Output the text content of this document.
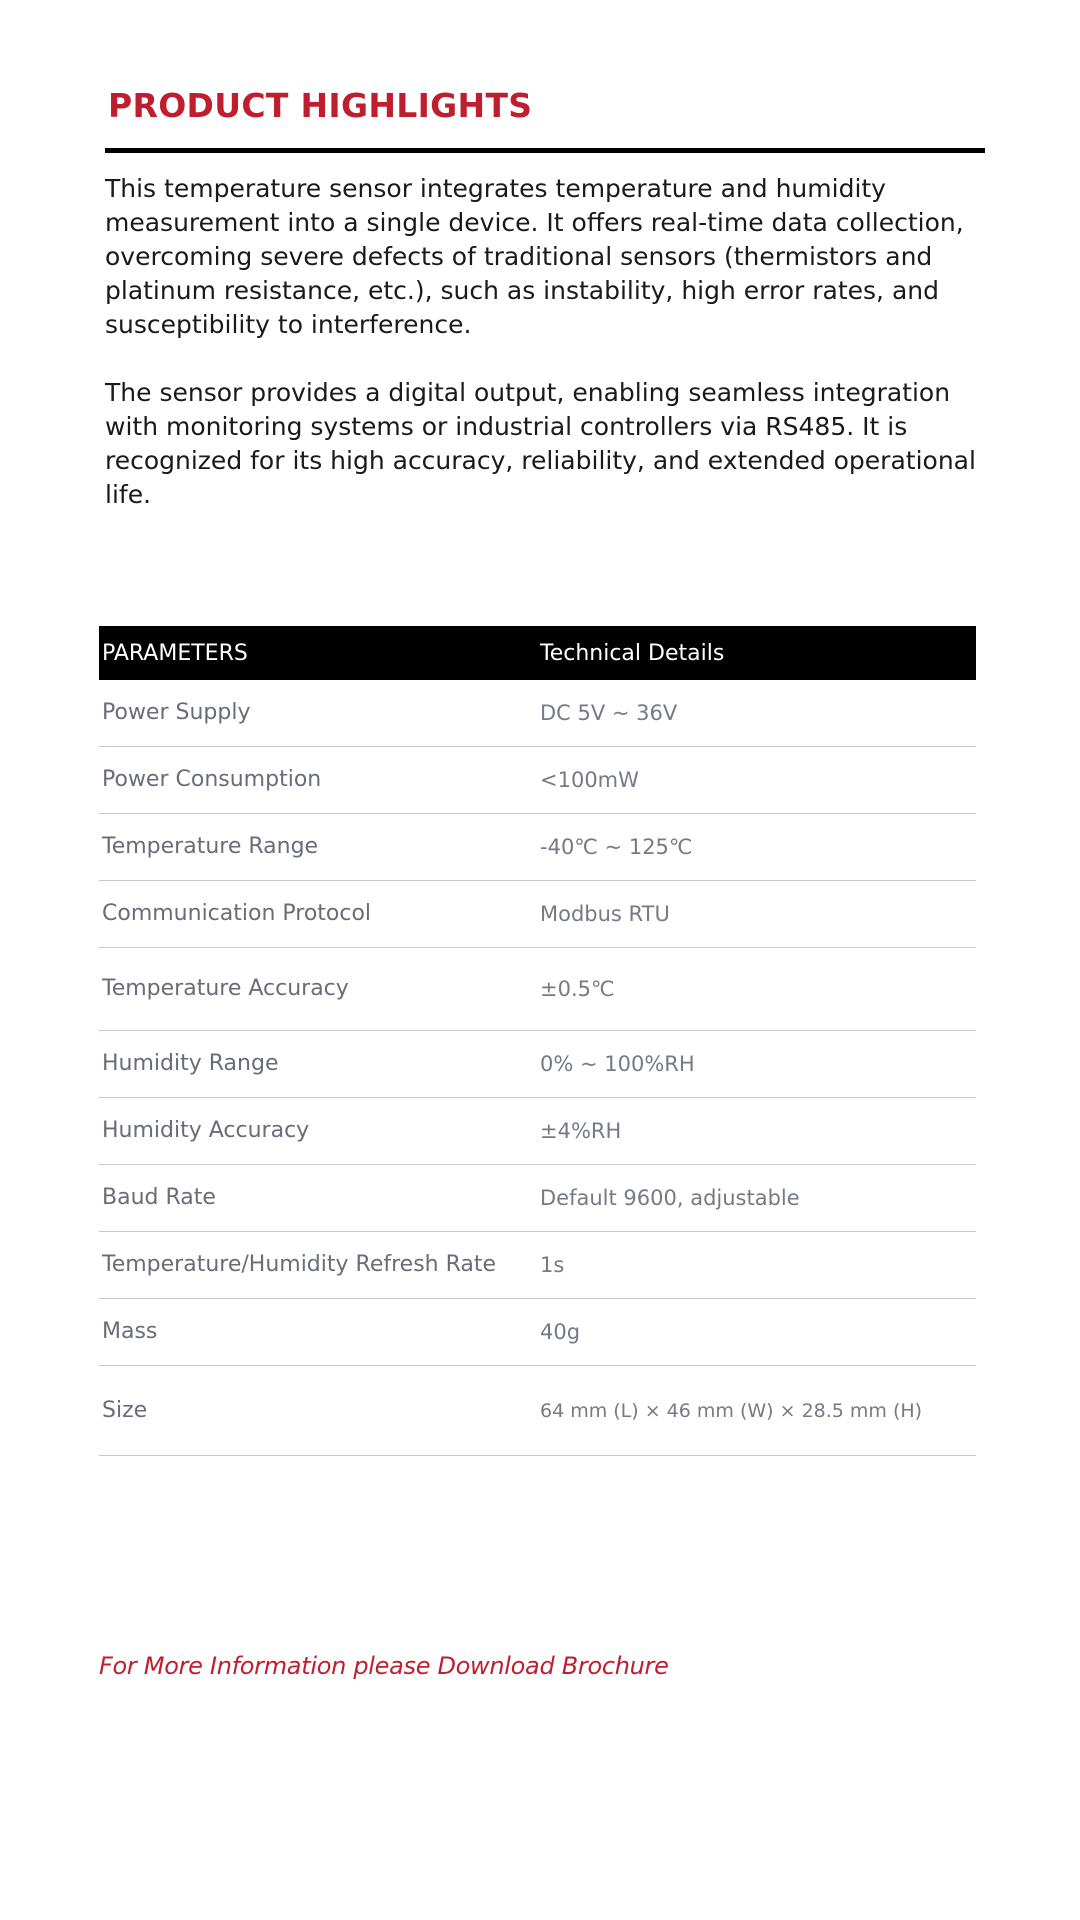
PRODUCT HIGHLIGHTS

This temperature sensor integrates temperature and humidity measurement into a single device. It offers real-time data collection, overcoming severe defects of traditional sensors (thermistors and platinum resistance, etc.), such as instability, high error rates, and susceptibility to interference.

The sensor provides a digital output, enabling seamless integration with monitoring systems or industrial controllers via RS485. It is recognized for its high accuracy, reliability, and extended operational life.

PARAMETERS	Technical Details
Power Supply	DC 5V ~ 36V
Power Consumption	<100mW
Temperature Range	-40℃ ~ 125℃
Communication Protocol	Modbus RTU
Temperature Accuracy	±0.5℃
Humidity Range	0% ~ 100%RH
Humidity Accuracy	±4%RH
Baud Rate	Default 9600, adjustable
Temperature/Humidity Refresh Rate	1s
Mass	40g
Size	64 mm (L) × 46 mm (W) × 28.5 mm (H)
For More Information please Download Brochure
